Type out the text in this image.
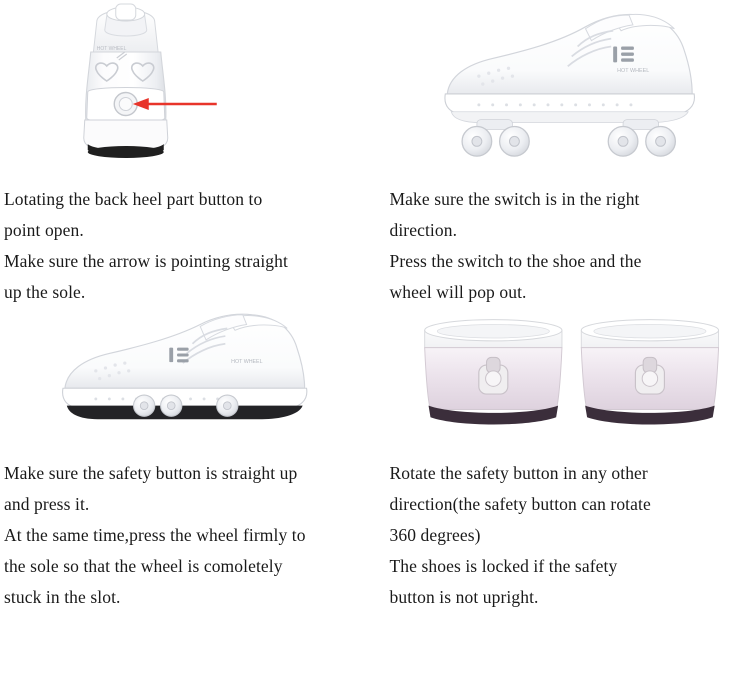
HOT WHEEL

Lotating the back heel part button to

point open.

Make sure the arrow is pointing straight

up the sole.

HOT WHEEL

Make sure the switch is in the right

direction.

Press the switch to the shoe and the

wheel will pop out.

HOT WHEEL

Make sure the safety button is straight up

and press it.

At the same time,press the wheel firmly to

the sole so that the wheel is comoletely

stuck in the slot.

Rotate the safety button in any other

direction(the safety button can rotate

360 degrees)

The shoes is locked if the safety

button is not upright.
